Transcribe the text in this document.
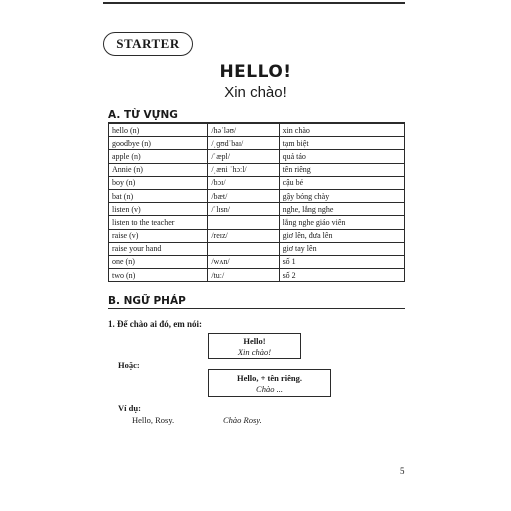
STARTER
HELLO!
Xin chào!
A. TỪ VỰNG
hello (n)	/həˈləʊ/	xin chào
goodbye (n)	/ˌɡʊdˈbaɪ/	tạm biệt
apple (n)	/ˈæpl/	quả táo
Annie (n)	/ˌæni ˈhɔːl/	tên riêng
boy (n)	/bɔɪ/	cậu bé
bat (n)	/bæt/	gậy bóng chày
listen (v)	/ˈlɪsn/	nghe, lắng nghe
listen to the teacher		lắng nghe giáo viên
raise (v)	/reɪz/	giơ lên, đưa lên
raise your hand		giơ tay lên
one (n)	/wʌn/	số 1
two (n)	/tuː/	số 2
B. NGỮ PHÁP
1. Để chào ai đó, em nói:
Hello!
Xin chào!
Hoặc:
Hello, + tên riêng.
Chào ...
Ví dụ:
Hello, Rosy.	Chào Rosy.
5
